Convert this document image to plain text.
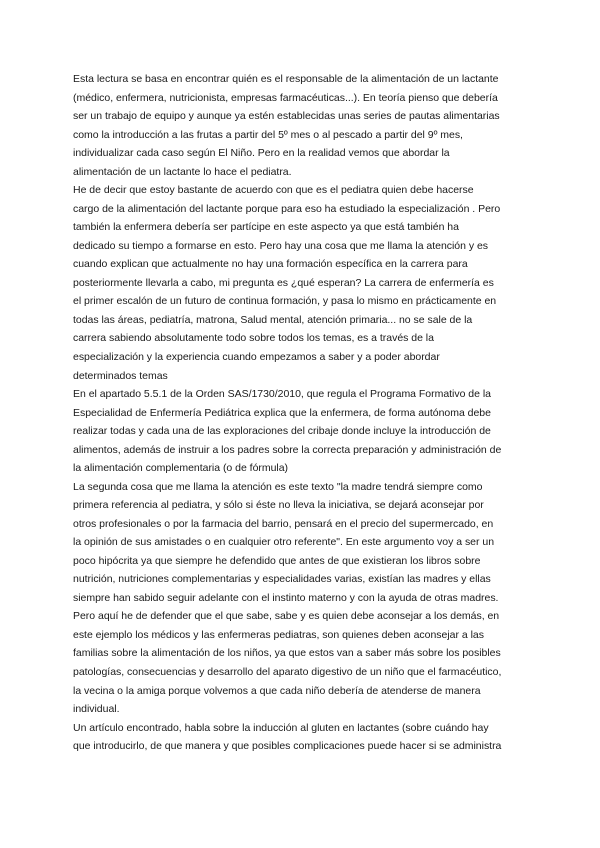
Esta lectura se basa en encontrar quién es el responsable de la alimentación de un lactante
(médico, enfermera, nutricionista, empresas farmacéuticas...). En teoría pienso que debería
ser un trabajo de equipo y aunque ya estén establecidas unas series de pautas alimentarias
como la introducción a las frutas a partir del 5º mes o al pescado a partir del 9º mes,
individualizar cada caso según El Niño. Pero en la realidad vemos que abordar la
alimentación de un lactante lo hace el pediatra.
He de decir que estoy bastante de acuerdo con que es el pediatra quien debe hacerse
cargo de la alimentación del lactante porque para eso ha estudiado la especialización . Pero
también la enfermera debería ser partícipe en este aspecto ya que está también ha
dedicado su tiempo a formarse en esto. Pero hay una cosa que me llama la atención y es
cuando explican que actualmente no hay una formación específica en la carrera para
posteriormente llevarla a cabo, mi pregunta es ¿qué esperan? La carrera de enfermería es
el primer escalón de un futuro de continua formación, y pasa lo mismo en prácticamente en
todas las áreas, pediatría, matrona, Salud mental, atención primaria... no se sale de la
carrera sabiendo absolutamente todo sobre todos los temas, es a través de la
especialización y la experiencia cuando empezamos a saber y a poder abordar
determinados temas
En el apartado 5.5.1 de la Orden SAS/1730/2010, que regula el Programa Formativo de la
Especialidad de Enfermería Pediátrica explica que la enfermera, de forma autónoma debe
realizar todas y cada una de las exploraciones del cribaje donde incluye la introducción de
alimentos, además de instruir a los padres sobre la correcta preparación y administración de
la alimentación complementaria (o de fórmula)
La segunda cosa que me llama la atención es este texto "la madre tendrá siempre como
primera referencia al pediatra, y sólo si éste no lleva la iniciativa, se dejará aconsejar por
otros profesionales o por la farmacia del barrio, pensará en el precio del supermercado, en
la opinión de sus amistades o en cualquier otro referente". En este argumento voy a ser un
poco hipócrita ya que siempre he defendido que antes de que existieran los libros sobre
nutrición, nutriciones complementarias y especialidades varias, existían las madres y ellas
siempre han sabido seguir adelante con el instinto materno y con la ayuda de otras madres.
Pero aquí he de defender que el que sabe, sabe y es quien debe aconsejar a los demás, en
este ejemplo los médicos y las enfermeras pediatras, son quienes deben aconsejar a las
familias sobre la alimentación de los niños, ya que estos van a saber más sobre los posibles
patologías, consecuencias y desarrollo del aparato digestivo de un niño que el farmacéutico,
la vecina o la amiga porque volvemos a que cada niño debería de atenderse de manera
individual.
Un artículo encontrado, habla sobre la inducción al gluten en lactantes (sobre cuándo hay
que introducirlo, de que manera y que posibles complicaciones puede hacer si se administra
